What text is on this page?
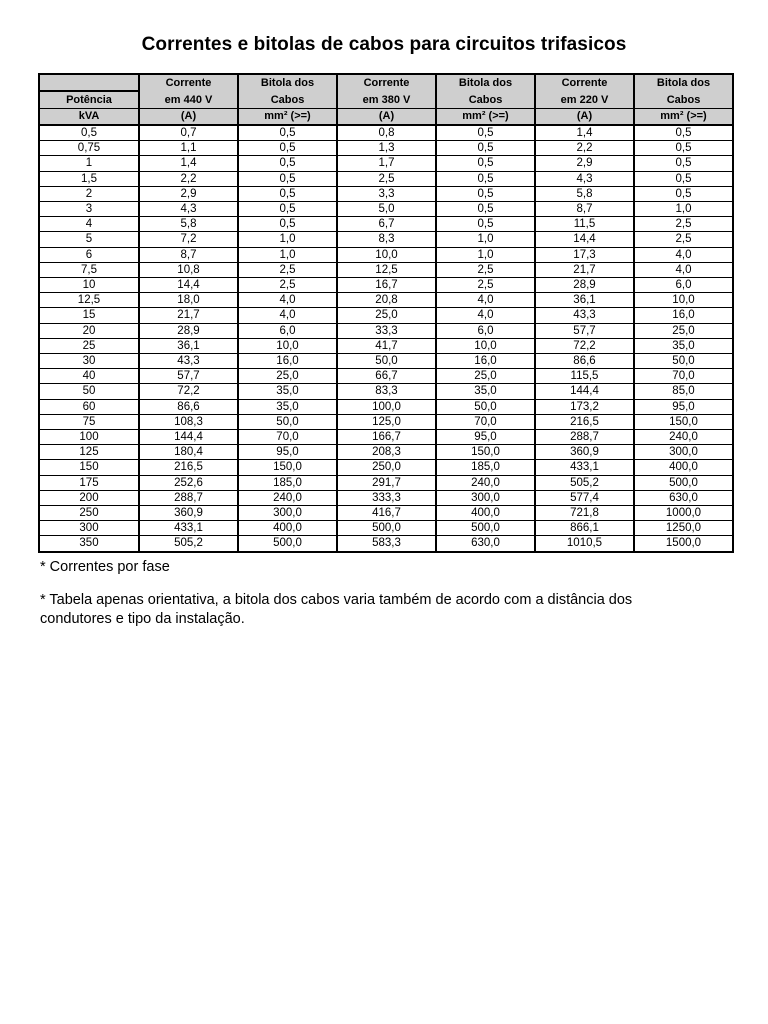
Correntes e bitolas de cabos para circuitos trifasicos
	Corrente	Bitola dos	Corrente	Bitola dos	Corrente	Bitola dos
Potência	em 440 V	Cabos	em 380 V	Cabos	em 220 V	Cabos
kVA	(A)	mm² (>=)	(A)	mm² (>=)	(A)	mm² (>=)
0,5	0,7	0,5	0,8	0,5	1,4	0,5
0,75	1,1	0,5	1,3	0,5	2,2	0,5
1	1,4	0,5	1,7	0,5	2,9	0,5
1,5	2,2	0,5	2,5	0,5	4,3	0,5
2	2,9	0,5	3,3	0,5	5,8	0,5
3	4,3	0,5	5,0	0,5	8,7	1,0
4	5,8	0,5	6,7	0,5	11,5	2,5
5	7,2	1,0	8,3	1,0	14,4	2,5
6	8,7	1,0	10,0	1,0	17,3	4,0
7,5	10,8	2,5	12,5	2,5	21,7	4,0
10	14,4	2,5	16,7	2,5	28,9	6,0
12,5	18,0	4,0	20,8	4,0	36,1	10,0
15	21,7	4,0	25,0	4,0	43,3	16,0
20	28,9	6,0	33,3	6,0	57,7	25,0
25	36,1	10,0	41,7	10,0	72,2	35,0
30	43,3	16,0	50,0	16,0	86,6	50,0
40	57,7	25,0	66,7	25,0	115,5	70,0
50	72,2	35,0	83,3	35,0	144,4	85,0
60	86,6	35,0	100,0	50,0	173,2	95,0
75	108,3	50,0	125,0	70,0	216,5	150,0
100	144,4	70,0	166,7	95,0	288,7	240,0
125	180,4	95,0	208,3	150,0	360,9	300,0
150	216,5	150,0	250,0	185,0	433,1	400,0
175	252,6	185,0	291,7	240,0	505,2	500,0
200	288,7	240,0	333,3	300,0	577,4	630,0
250	360,9	300,0	416,7	400,0	721,8	1000,0
300	433,1	400,0	500,0	500,0	866,1	1250,0
350	505,2	500,0	583,3	630,0	1010,5	1500,0

* Correntes por fase

* Tabela apenas orientativa, a bitola dos cabos varia também de acordo com a distância dos condutores e tipo da instalação.
